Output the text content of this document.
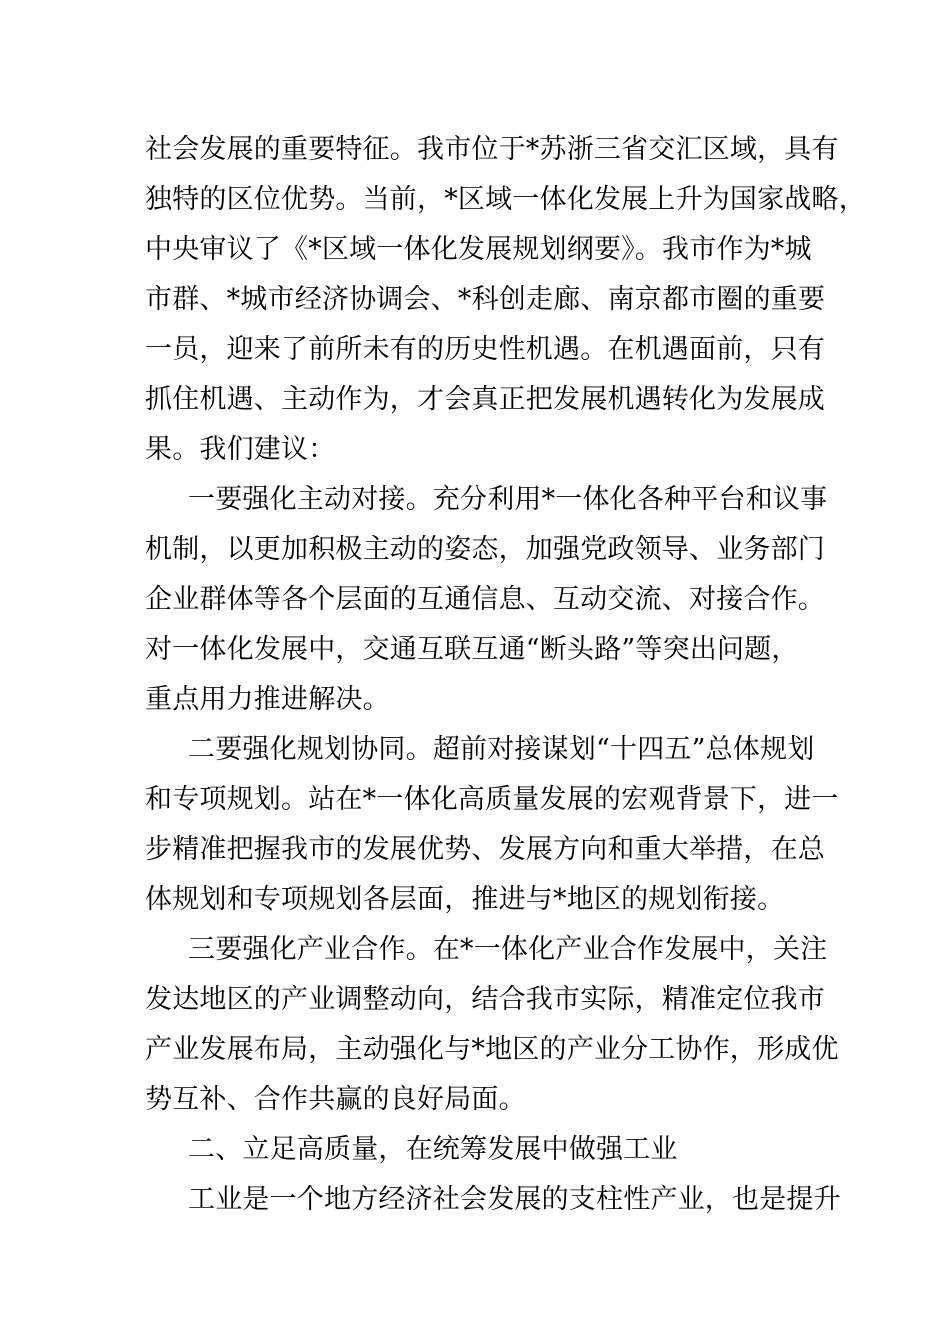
社会发展的重要特征。我市位于*苏浙三省交汇区域，具有
独特的区位优势。当前，*区域一体化发展上升为国家战略，
中央审议了《*区域一体化发展规划纲要》。我市作为*城
市群、*城市经济协调会、*科创走廊、南京都市圈的重要
一员，迎来了前所未有的历史性机遇。在机遇面前，只有
抓住机遇、主动作为，才会真正把发展机遇转化为发展成
果。我们建议：
一要强化主动对接。充分利用*一体化各种平台和议事
机制，以更加积极主动的姿态，加强党政领导、业务部门
企业群体等各个层面的互通信息、互动交流、对接合作。
对一体化发展中，交通互联互通“断头路”等突出问题，
重点用力推进解决。
二要强化规划协同。超前对接谋划“十四五”总体规划
和专项规划。站在*一体化高质量发展的宏观背景下，进一
步精准把握我市的发展优势、发展方向和重大举措，在总
体规划和专项规划各层面，推进与*地区的规划衔接。
三要强化产业合作。在*一体化产业合作发展中，关注
发达地区的产业调整动向，结合我市实际，精准定位我市
产业发展布局，主动强化与*地区的产业分工协作，形成优
势互补、合作共赢的良好局面。
二、立足高质量，在统筹发展中做强工业
工业是一个地方经济社会发展的支柱性产业，也是提升
